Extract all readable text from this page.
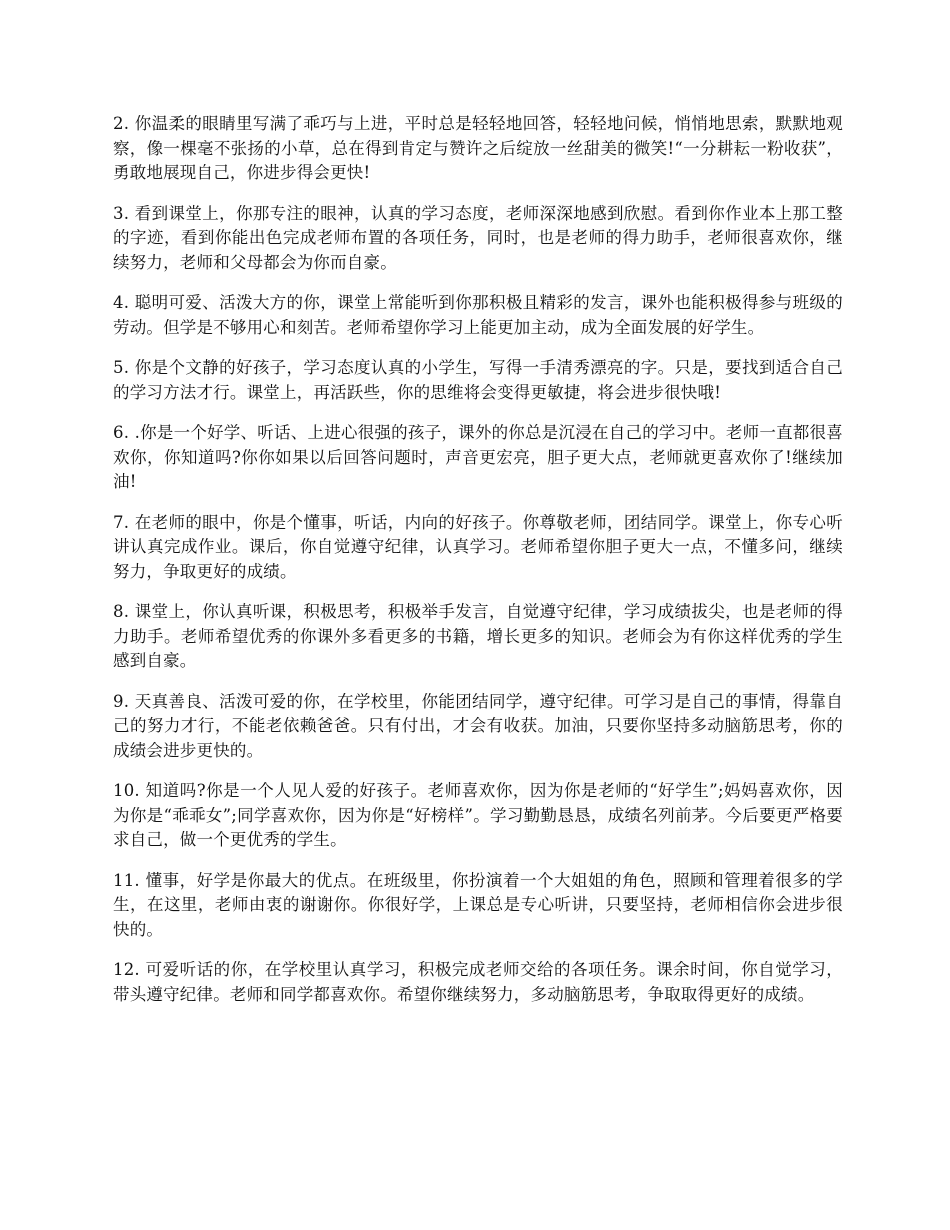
2. 你温柔的眼睛里写满了乖巧与上进，平时总是轻轻地回答，轻轻地问候，悄悄地思索，默默地观察，像一棵毫不张扬的小草，总在得到肯定与赞许之后绽放一丝甜美的微笑!“一分耕耘一粉收获”，勇敢地展现自己，你进步得会更快!

3. 看到课堂上，你那专注的眼神，认真的学习态度，老师深深地感到欣慰。看到你作业本上那工整的字迹，看到你能出色完成老师布置的各项任务，同时，也是老师的得力助手，老师很喜欢你，继续努力，老师和父母都会为你而自豪。

4. 聪明可爱、活泼大方的你，课堂上常能听到你那积极且精彩的发言，课外也能积极得参与班级的劳动。但学是不够用心和刻苦。老师希望你学习上能更加主动，成为全面发展的好学生。

5. 你是个文静的好孩子，学习态度认真的小学生，写得一手清秀漂亮的字。只是，要找到适合自己的学习方法才行。课堂上，再活跃些，你的思维将会变得更敏捷，将会进步很快哦!

6. .你是一个好学、听话、上进心很强的孩子，课外的你总是沉浸在自己的学习中。老师一直都很喜欢你，你知道吗?你你如果以后回答问题时，声音更宏亮，胆子更大点，老师就更喜欢你了!继续加油!

7. 在老师的眼中，你是个懂事，听话，内向的好孩子。你尊敬老师，团结同学。课堂上，你专心听讲认真完成作业。课后，你自觉遵守纪律，认真学习。老师希望你胆子更大一点，不懂多问，继续努力，争取更好的成绩。

8. 课堂上，你认真听课，积极思考，积极举手发言，自觉遵守纪律，学习成绩拔尖，也是老师的得力助手。老师希望优秀的你课外多看更多的书籍，增长更多的知识。老师会为有你这样优秀的学生感到自豪。

9. 天真善良、活泼可爱的你，在学校里，你能团结同学，遵守纪律。可学习是自己的事情，得靠自己的努力才行，不能老依赖爸爸。只有付出，才会有收获。加油，只要你坚持多动脑筋思考，你的成绩会进步更快的。

10. 知道吗?你是一个人见人爱的好孩子。老师喜欢你，因为你是老师的“好学生”;妈妈喜欢你，因为你是“乖乖女”;同学喜欢你，因为你是“好榜样”。学习勤勤恳恳，成绩名列前茅。今后要更严格要求自己，做一个更优秀的学生。

11. 懂事，好学是你最大的优点。在班级里，你扮演着一个大姐姐的角色，照顾和管理着很多的学生，在这里，老师由衷的谢谢你。你很好学，上课总是专心听讲，只要坚持，老师相信你会进步很快的。

12. 可爱听话的你，在学校里认真学习，积极完成老师交给的各项任务。课余时间，你自觉学习，带头遵守纪律。老师和同学都喜欢你。希望你继续努力，多动脑筋思考，争取取得更好的成绩。
